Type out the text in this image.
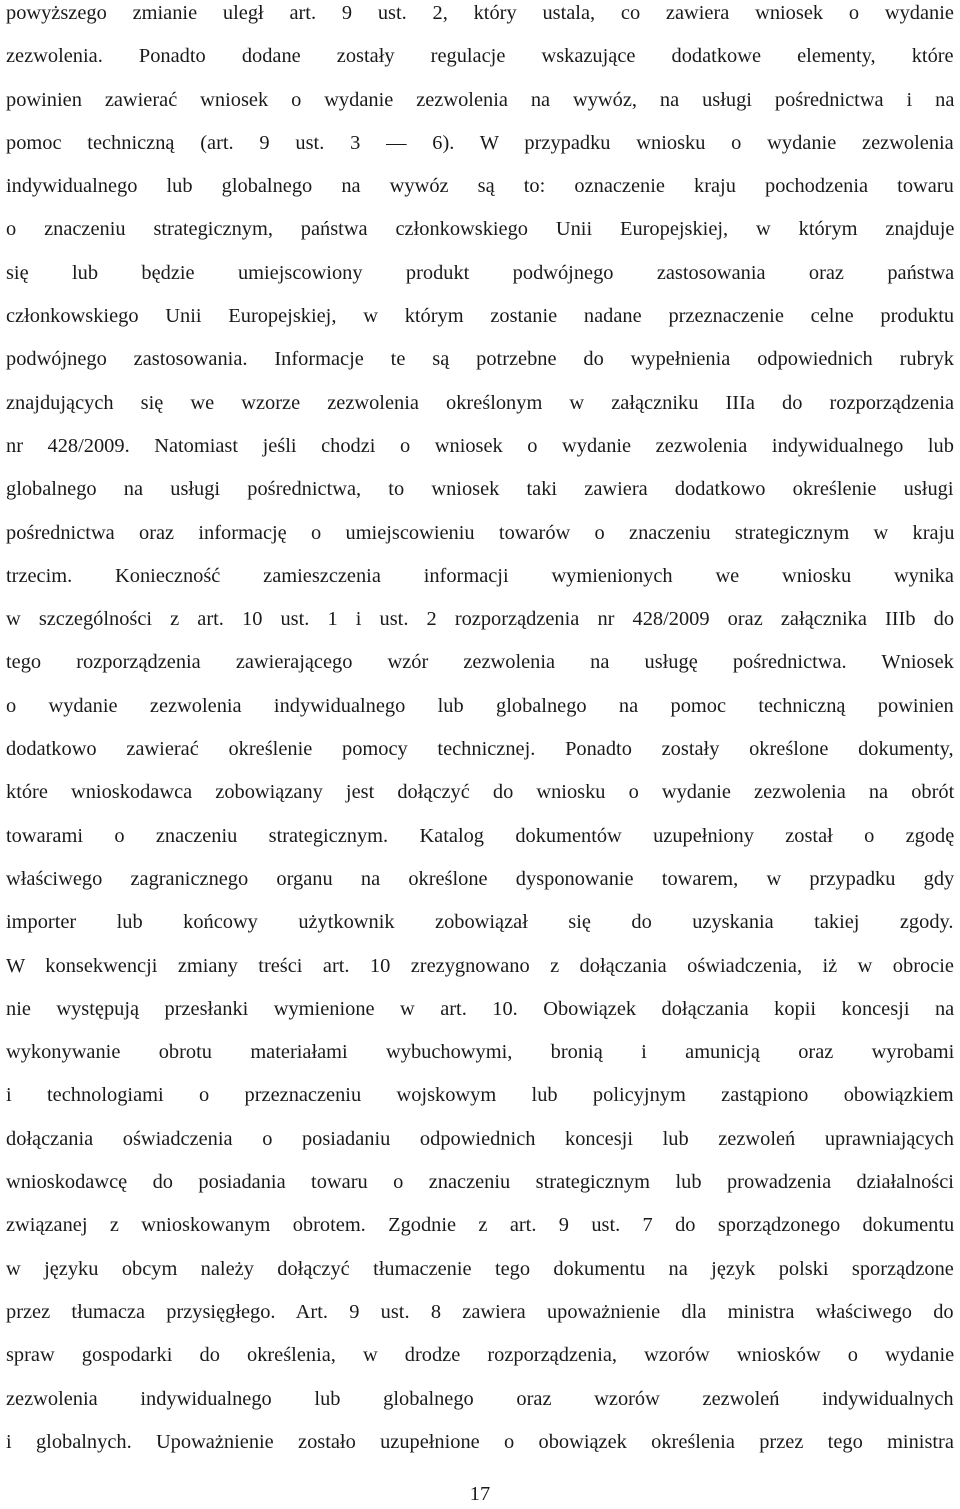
powyższego zmianie uległ art. 9 ust. 2, który ustala, co zawiera wniosek o wydanie
zezwolenia. Ponadto dodane zostały regulacje wskazujące dodatkowe elementy, które
powinien zawierać wniosek o wydanie zezwolenia na wywóz, na usługi pośrednictwa i na
pomoc techniczną (art. 9 ust. 3 — 6). W przypadku wniosku o wydanie zezwolenia
indywidualnego lub globalnego na wywóz są to: oznaczenie kraju pochodzenia towaru
o znaczeniu strategicznym, państwa członkowskiego Unii Europejskiej, w którym znajduje
się lub będzie umiejscowiony produkt podwójnego zastosowania oraz państwa
członkowskiego Unii Europejskiej, w którym zostanie nadane przeznaczenie celne produktu
podwójnego zastosowania. Informacje te są potrzebne do wypełnienia odpowiednich rubryk
znajdujących się we wzorze zezwolenia określonym w załączniku IIIa do rozporządzenia
nr 428/2009. Natomiast jeśli chodzi o wniosek o wydanie zezwolenia indywidualnego lub
globalnego na usługi pośrednictwa, to wniosek taki zawiera dodatkowo określenie usługi
pośrednictwa oraz informację o umiejscowieniu towarów o znaczeniu strategicznym w kraju
trzecim. Konieczność zamieszczenia informacji wymienionych we wniosku wynika
w szczególności z art. 10 ust. 1 i ust. 2 rozporządzenia nr 428/2009 oraz załącznika IIIb do
tego rozporządzenia zawierającego wzór zezwolenia na usługę pośrednictwa. Wniosek
o wydanie zezwolenia indywidualnego lub globalnego na pomoc techniczną powinien
dodatkowo zawierać określenie pomocy technicznej. Ponadto zostały określone dokumenty,
które wnioskodawca zobowiązany jest dołączyć do wniosku o wydanie zezwolenia na obrót
towarami o znaczeniu strategicznym. Katalog dokumentów uzupełniony został o zgodę
właściwego zagranicznego organu na określone dysponowanie towarem, w przypadku gdy
importer lub końcowy użytkownik zobowiązał się do uzyskania takiej zgody.
W konsekwencji zmiany treści art. 10 zrezygnowano z dołączania oświadczenia, iż w obrocie
nie występują przesłanki wymienione w art. 10. Obowiązek dołączania kopii koncesji na
wykonywanie obrotu materiałami wybuchowymi, bronią i amunicją oraz wyrobami
i technologiami o przeznaczeniu wojskowym lub policyjnym zastąpiono obowiązkiem
dołączania oświadczenia o posiadaniu odpowiednich koncesji lub zezwoleń uprawniających
wnioskodawcę do posiadania towaru o znaczeniu strategicznym lub prowadzenia działalności
związanej z wnioskowanym obrotem. Zgodnie z art. 9 ust. 7 do sporządzonego dokumentu
w języku obcym należy dołączyć tłumaczenie tego dokumentu na język polski sporządzone
przez tłumacza przysięgłego. Art. 9 ust. 8 zawiera upoważnienie dla ministra właściwego do
spraw gospodarki do określenia, w drodze rozporządzenia, wzorów wniosków o wydanie
zezwolenia indywidualnego lub globalnego oraz wzorów zezwoleń indywidualnych
i globalnych. Upoważnienie zostało uzupełnione o obowiązek określenia przez tego ministra
17
